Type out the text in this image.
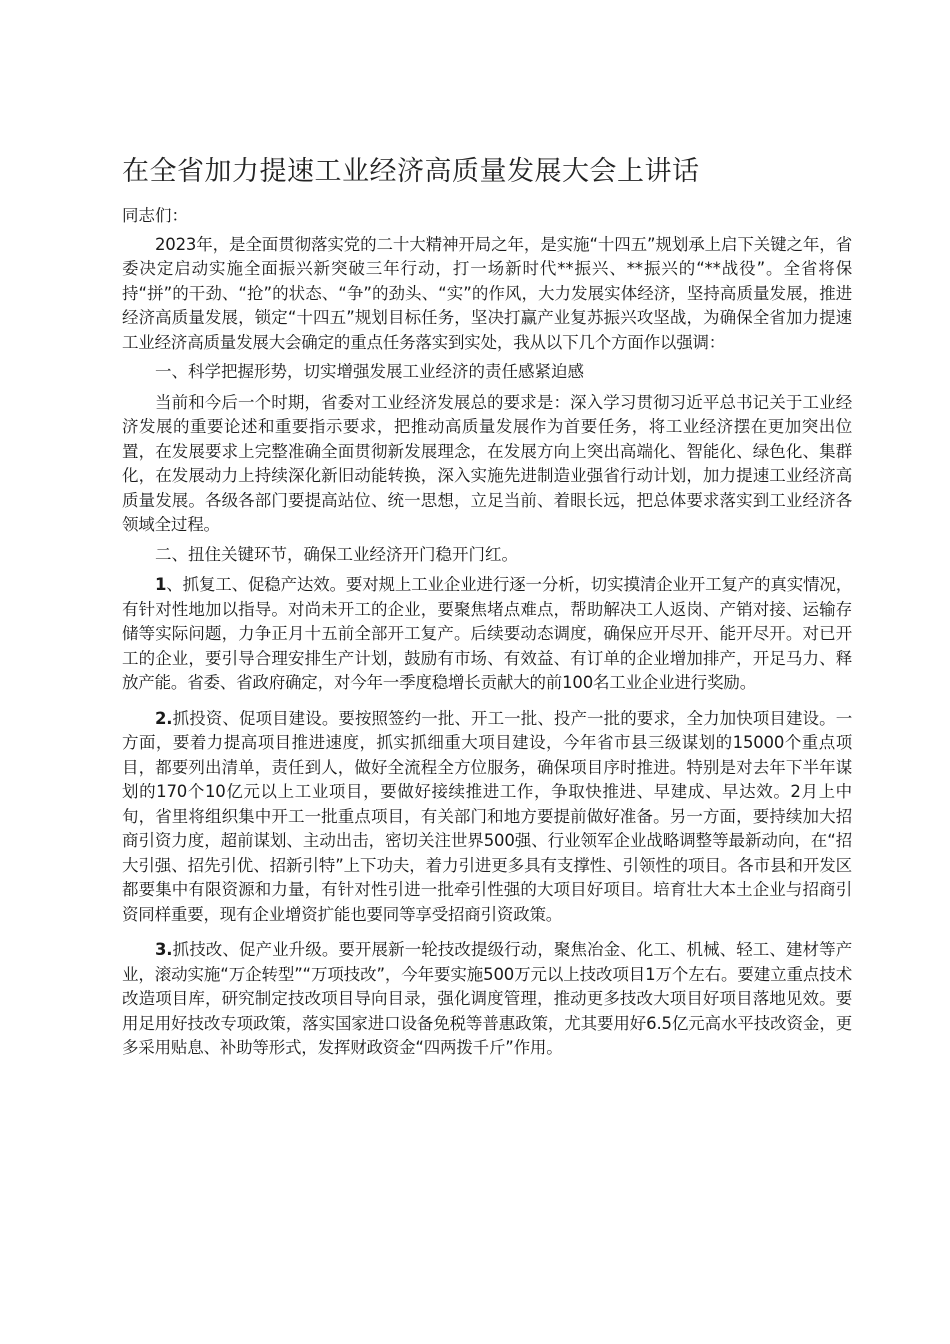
在全省加力提速工业经济高质量发展大会上讲话

同志们：

2023年，是全面贯彻落实党的二十大精神开局之年，是实施“十四五”规划承上启下关键之年，省委决定启动实施全面振兴新突破三年行动，打一场新时代**振兴、**振兴的“**战役”。全省将保持“拼”的干劲、“抢”的状态、“争”的劲头、“实”的作风，大力发展实体经济，坚持高质量发展，推进经济高质量发展，锁定“十四五”规划目标任务，坚决打赢产业复苏振兴攻坚战，为确保全省加力提速工业经济高质量发展大会确定的重点任务落实到实处，我从以下几个方面作以强调：

一、科学把握形势，切实增强发展工业经济的责任感紧迫感

当前和今后一个时期，省委对工业经济发展总的要求是：深入学习贯彻习近平总书记关于工业经济发展的重要论述和重要指示要求，把推动高质量发展作为首要任务，将工业经济摆在更加突出位置，在发展要求上完整准确全面贯彻新发展理念，在发展方向上突出高端化、智能化、绿色化、集群化，在发展动力上持续深化新旧动能转换，深入实施先进制造业强省行动计划，加力提速工业经济高质量发展。各级各部门要提高站位、统一思想，立足当前、着眼长远，把总体要求落实到工业经济各领域全过程。

二、扭住关键环节，确保工业经济开门稳开门红。

1、抓复工、促稳产达效。要对规上工业企业进行逐一分析，切实摸清企业开工复产的真实情况，有针对性地加以指导。对尚未开工的企业，要聚焦堵点难点，帮助解决工人返岗、产销对接、运输存储等实际问题，力争正月十五前全部开工复产。后续要动态调度，确保应开尽开、能开尽开。对已开工的企业，要引导合理安排生产计划，鼓励有市场、有效益、有订单的企业增加排产，开足马力、释放产能。省委、省政府确定，对今年一季度稳增长贡献大的前100名工业企业进行奖励。

2.抓投资、促项目建设。要按照签约一批、开工一批、投产一批的要求，全力加快项目建设。一方面，要着力提高项目推进速度，抓实抓细重大项目建设，今年省市县三级谋划的15000个重点项目，都要列出清单，责任到人，做好全流程全方位服务，确保项目序时推进。特别是对去年下半年谋划的170个10亿元以上工业项目，要做好接续推进工作，争取快推进、早建成、早达效。2月上中旬，省里将组织集中开工一批重点项目，有关部门和地方要提前做好准备。另一方面，要持续加大招商引资力度，超前谋划、主动出击，密切关注世界500强、行业领军企业战略调整等最新动向，在“招大引强、招先引优、招新引特”上下功夫，着力引进更多具有支撑性、引领性的项目。各市县和开发区都要集中有限资源和力量，有针对性引进一批牵引性强的大项目好项目。培育壮大本土企业与招商引资同样重要，现有企业增资扩能也要同等享受招商引资政策。

3.抓技改、促产业升级。要开展新一轮技改提级行动，聚焦冶金、化工、机械、轻工、建材等产业，滚动实施“万企转型”“万项技改”，今年要实施500万元以上技改项目1万个左右。要建立重点技术改造项目库，研究制定技改项目导向目录，强化调度管理，推动更多技改大项目好项目落地见效。要用足用好技改专项政策，落实国家进口设备免税等普惠政策，尤其要用好6.5亿元高水平技改资金，更多采用贴息、补助等形式，发挥财政资金“四两拨千斤”作用。
